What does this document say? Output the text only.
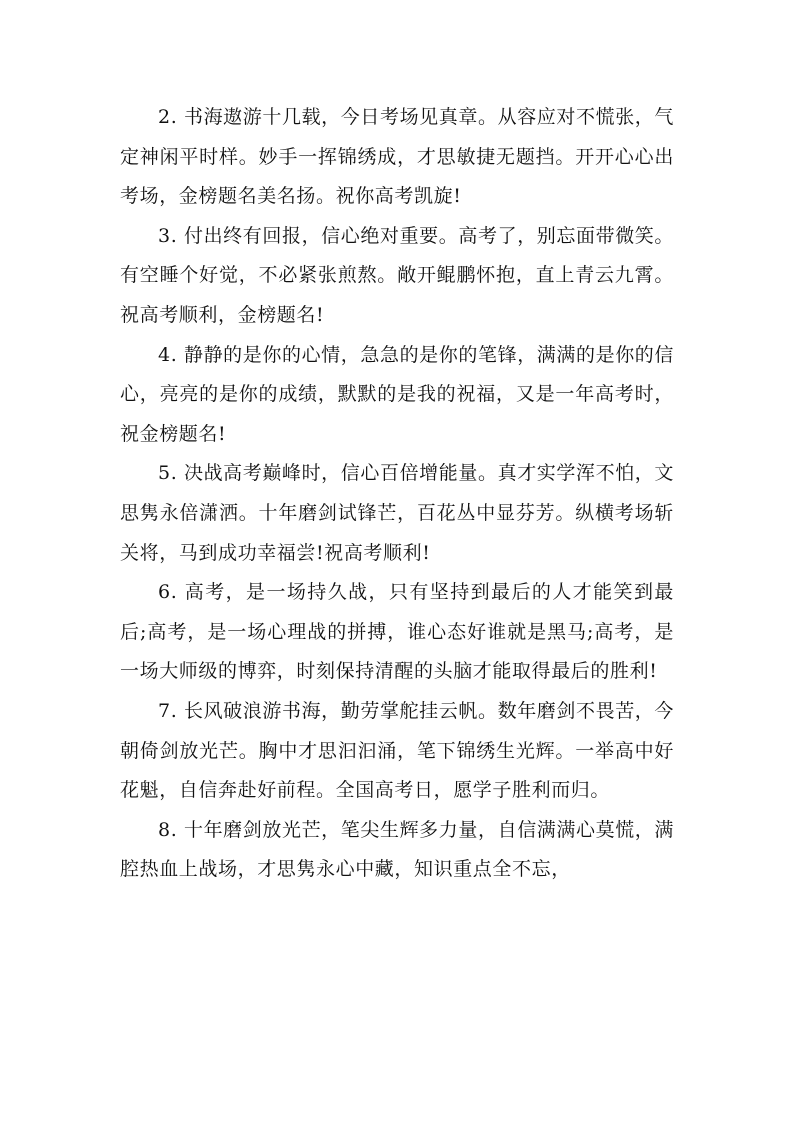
2. 书海遨游十几载，今日考场见真章。从容应对不慌张，气定神闲平时样。妙手一挥锦绣成，才思敏捷无题挡。开开心心出考场，金榜题名美名扬。祝你高考凯旋!

3. 付出终有回报，信心绝对重要。高考了，别忘面带微笑。有空睡个好觉，不必紧张煎熬。敞开鲲鹏怀抱，直上青云九霄。祝高考顺利，金榜题名!

4. 静静的是你的心情，急急的是你的笔锋，满满的是你的信心，亮亮的是你的成绩，默默的是我的祝福，又是一年高考时，祝金榜题名!

5. 决战高考巅峰时，信心百倍增能量。真才实学浑不怕，文思隽永倍潇洒。十年磨剑试锋芒，百花丛中显芬芳。纵横考场斩关将，马到成功幸福尝!祝高考顺利!

6. 高考，是一场持久战，只有坚持到最后的人才能笑到最后;高考，是一场心理战的拼搏，谁心态好谁就是黑马;高考，是一场大师级的博弈，时刻保持清醒的头脑才能取得最后的胜利!

7. 长风破浪游书海，勤劳掌舵挂云帆。数年磨剑不畏苦，今朝倚剑放光芒。胸中才思汩汩涌，笔下锦绣生光辉。一举高中好花魁，自信奔赴好前程。全国高考日，愿学子胜利而归。

8. 十年磨剑放光芒，笔尖生辉多力量，自信满满心莫慌，满腔热血上战场，才思隽永心中藏，知识重点全不忘，
